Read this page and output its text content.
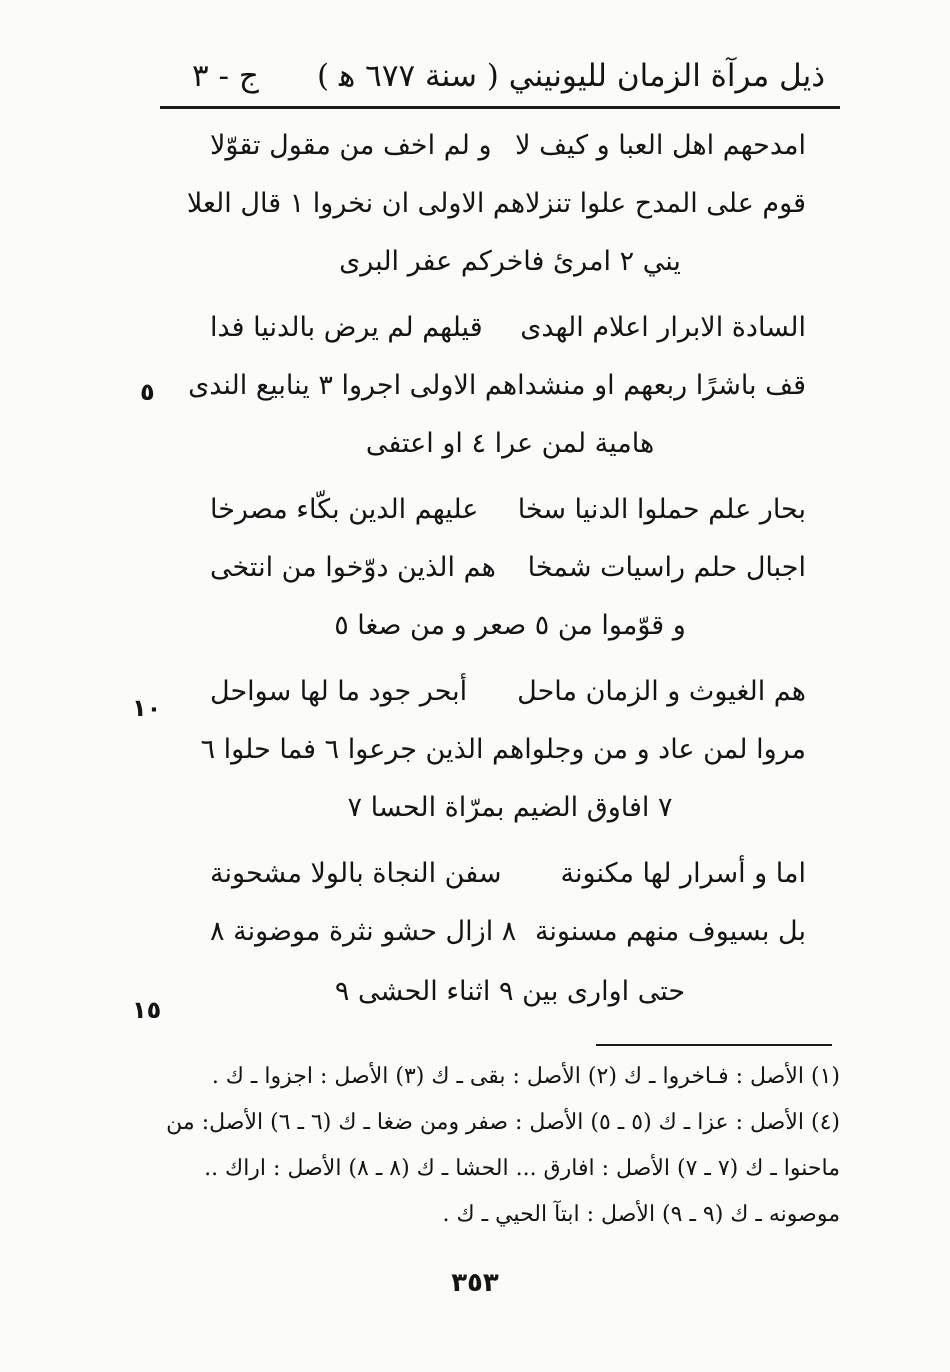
ذيل مرآة الزمان لليونيني ( سنة ٦٧٧ ﻫ )
ج - ٣
امدحهم اهل العبا و كيف لا
و لم اخف من مقول تقوّلا
قوم على المدح علوا تنزلا
هم الاولى ان نخروا ١ قال العلا
يني ٢ امرئ فاخركم عفر البرى
السادة الابرار اعلام الهدى
قيلهم لم يرض بالدنيا فدا
قف باشرًا ربعهم او منشدا
هم الاولى اجروا ٣ ينابيع الندى
هامية لمن عرا ٤ او اعتفى
بحار علم حملوا الدنيا سخا
عليهم الدين بكّاء مصرخا
اجبال حلم راسيات شمخا
هم الذين دوّخوا من انتخى
و قوّموا من ٥ صعر و من صغا ٥
هم الغيوث و الزمان ماحل
أبحر جود ما لها سواحل
مروا لمن عاد و من وجلوا
هم الذين جرعوا ٦ فما حلوا ٦
٧ افاوق الضيم بمرّاة الحسا ٧
اما و أسرار لها مكنونة
سفن النجاة بالولا مشحونة
بل بسيوف منهم مسنونة
٨ ازال حشو نثرة موضونة ٨
حتى اوارى بين ٩ اثناء الحشى ٩
٥
١٠
١٥
(١) الأصل : فـاخروا ـ ك (٢) الأصل : بقى ـ ك (٣) الأصل : اجزوا ـ ك .
(٤) الأصل : عزا ـ ك (٥ ـ ٥) الأصل : صفر ومن ضغا ـ ك (٦ ـ ٦) الأصل: من
ماحنوا ـ ك (٧ ـ ٧) الأصل : افارق ... الحشا ـ ك (٨ ـ ٨) الأصل : اراك ..
موصونه ـ ك (٩ ـ ٩) الأصل : ابتآ الحيي ـ ك .
٣٥٣
